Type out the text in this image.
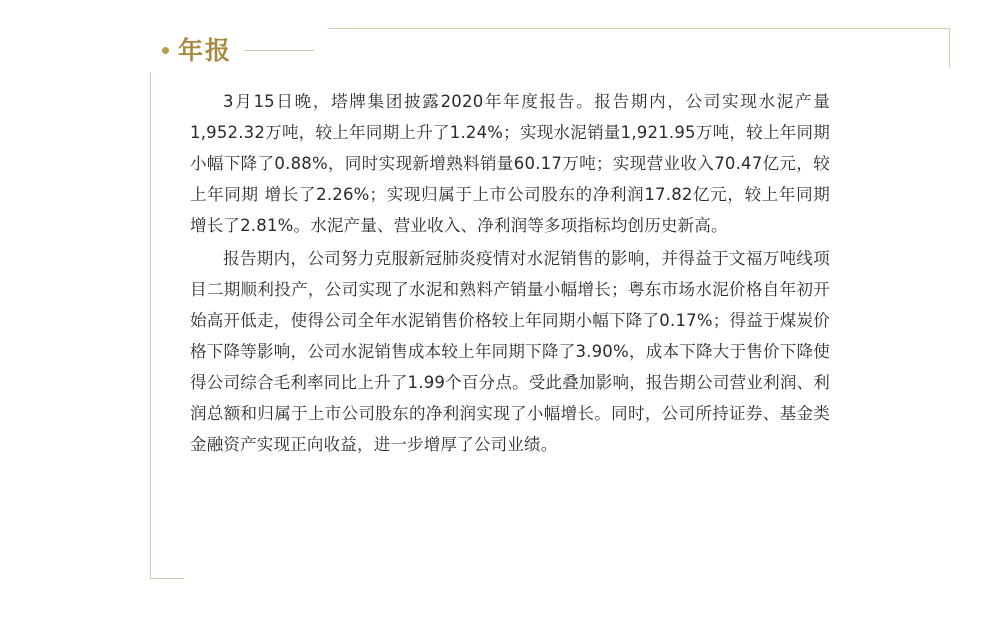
年报

3月15日晚，塔牌集团披露2020年年度报告。报告期内，公司实现水泥产量1,952.32万吨，较上年同期上升了1.24%；实现水泥销量1,921.95万吨，较上年同期小幅下降了0.88%，同时实现新增熟料销量60.17万吨；实现营业收入70.47亿元，较上年同期 增长了2.26%；实现归属于上市公司股东的净利润17.82亿元，较上年同期增长了2.81%。水泥产量、营业收入、净利润等多项指标均创历史新高。

报告期内，公司努力克服新冠肺炎疫情对水泥销售的影响，并得益于文福万吨线项目二期顺利投产，公司实现了水泥和熟料产销量小幅增长；粤东市场水泥价格自年初开始高开低走，使得公司全年水泥销售价格较上年同期小幅下降了0.17%；得益于煤炭价格下降等影响，公司水泥销售成本较上年同期下降了3.90%，成本下降大于售价下降使得公司综合毛利率同比上升了1.99个百分点。受此叠加影响，报告期公司营业利润、利润总额和归属于上市公司股东的净利润实现了小幅增长。同时，公司所持证券、基金类金融资产实现正向收益，进一步增厚了公司业绩。
